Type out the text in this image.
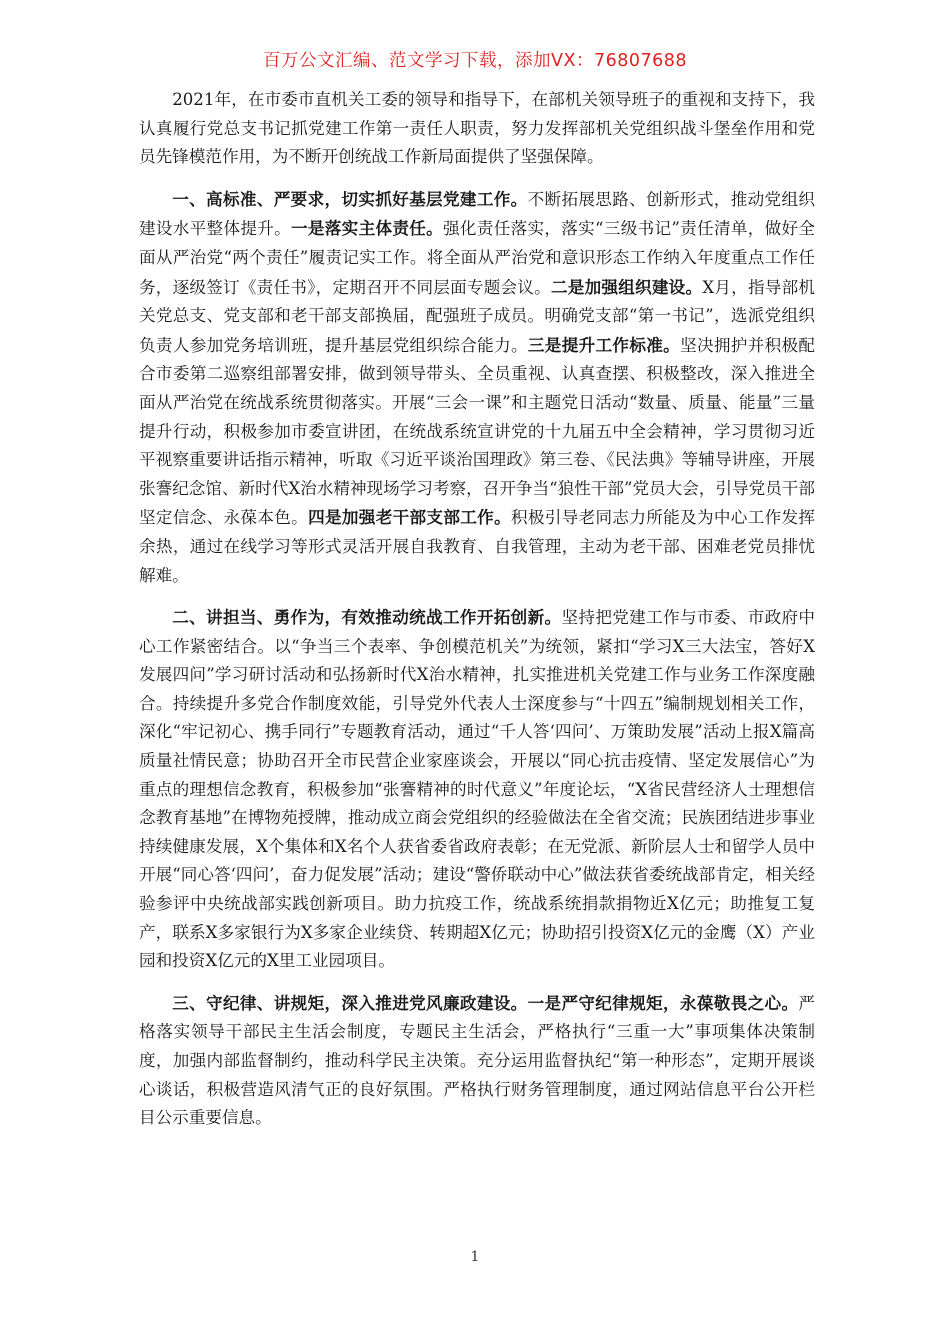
百万公文汇编、范文学习下载，添加VX：76807688

2021年，在市委市直机关工委的领导和指导下，在部机关领导班子的重视和支持下，我认真履行党总支书记抓党建工作第一责任人职责，努力发挥部机关党组织战斗堡垒作用和党员先锋模范作用，为不断开创统战工作新局面提供了坚强保障。

一、高标准、严要求，切实抓好基层党建工作。不断拓展思路、创新形式，推动党组织建设水平整体提升。一是落实主体责任。强化责任落实，落实“三级书记”责任清单，做好全面从严治党“两个责任”履责记实工作。将全面从严治党和意识形态工作纳入年度重点工作任务，逐级签订《责任书》，定期召开不同层面专题会议。二是加强组织建设。X月，指导部机关党总支、党支部和老干部支部换届，配强班子成员。明确党支部“第一书记”，选派党组织负责人参加党务培训班，提升基层党组织综合能力。三是提升工作标准。坚决拥护并积极配合市委第二巡察组部署安排，做到领导带头、全员重视、认真查摆、积极整改，深入推进全面从严治党在统战系统贯彻落实。开展“三会一课”和主题党日活动“数量、质量、能量”三量提升行动，积极参加市委宣讲团，在统战系统宣讲党的十九届五中全会精神，学习贯彻习近平视察重要讲话指示精神，听取《习近平谈治国理政》第三卷、《民法典》等辅导讲座，开展张謇纪念馆、新时代X治水精神现场学习考察，召开争当“狼性干部”党员大会，引导党员干部坚定信念、永葆本色。四是加强老干部支部工作。积极引导老同志力所能及为中心工作发挥余热，通过在线学习等形式灵活开展自我教育、自我管理，主动为老干部、困难老党员排忧解难。

二、讲担当、勇作为，有效推动统战工作开拓创新。坚持把党建工作与市委、市政府中心工作紧密结合。以“争当三个表率、争创模范机关”为统领，紧扣“学习X三大法宝，答好X发展四问”学习研讨活动和弘扬新时代X治水精神，扎实推进机关党建工作与业务工作深度融合。持续提升多党合作制度效能，引导党外代表人士深度参与“十四五”编制规划相关工作，深化“牢记初心、携手同行”专题教育活动，通过“千人答‘四问’、万策助发展”活动上报X篇高质量社情民意；协助召开全市民营企业家座谈会，开展以“同心抗击疫情、坚定发展信心”为重点的理想信念教育，积极参加“张謇精神的时代意义”年度论坛，“X省民营经济人士理想信念教育基地”在博物苑授牌，推动成立商会党组织的经验做法在全省交流；民族团结进步事业持续健康发展，X个集体和X名个人获省委省政府表彰；在无党派、新阶层人士和留学人员中开展“同心答‘四问’，奋力促发展”活动；建设“警侨联动中心”做法获省委统战部肯定，相关经验参评中央统战部实践创新项目。助力抗疫工作，统战系统捐款捐物近X亿元；助推复工复产，联系X多家银行为X多家企业续贷、转期超X亿元；协助招引投资X亿元的金鹰（X）产业园和投资X亿元的X里工业园项目。

三、守纪律、讲规矩，深入推进党风廉政建设。一是严守纪律规矩，永葆敬畏之心。严格落实领导干部民主生活会制度，专题民主生活会，严格执行“三重一大”事项集体决策制度，加强内部监督制约，推动科学民主决策。充分运用监督执纪“第一种形态”，定期开展谈心谈话，积极营造风清气正的良好氛围。严格执行财务管理制度，通过网站信息平台公开栏目公示重要信息。

1
